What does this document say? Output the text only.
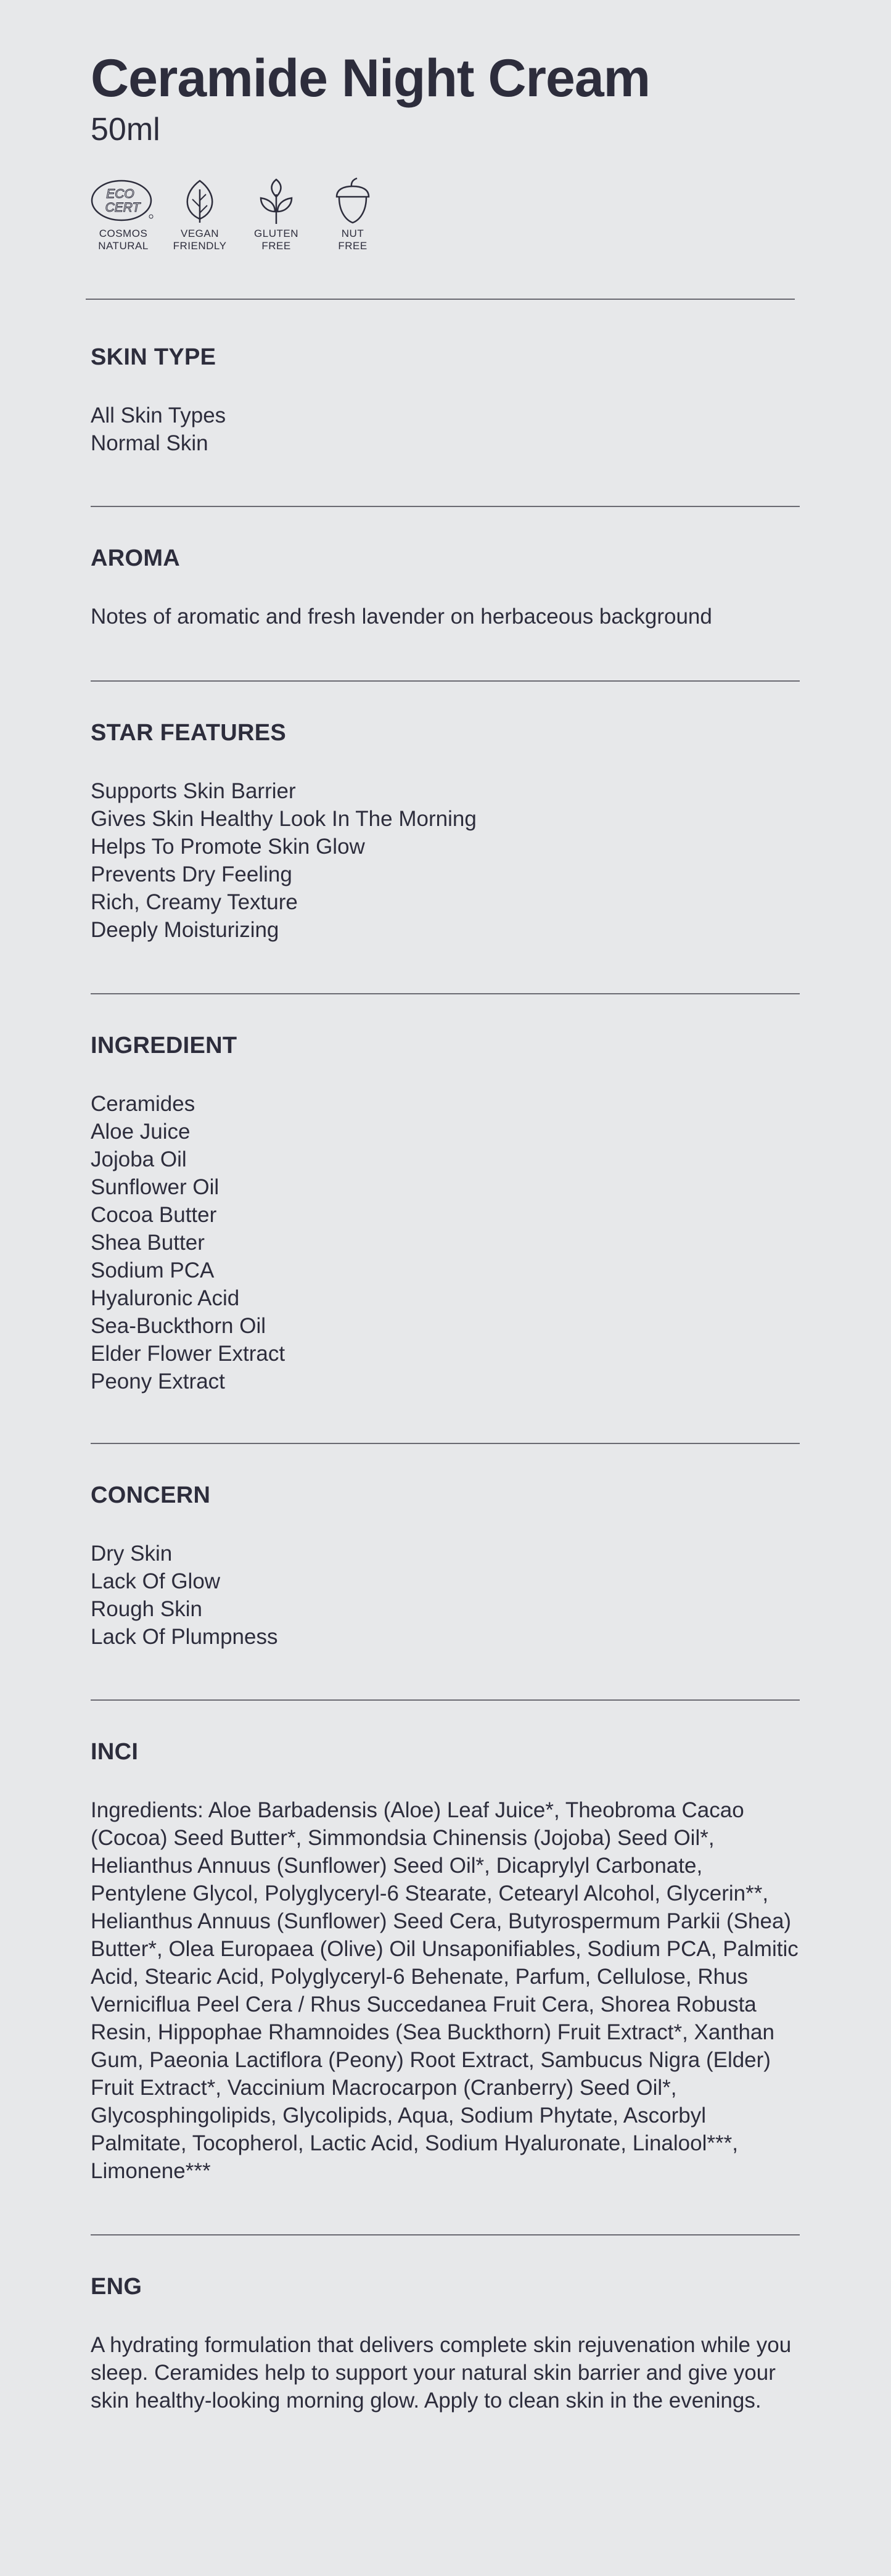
Ceramide Night Cream
50ml
ECO
CERT
COSMOS
NATURAL
VEGAN
FRIENDLY
GLUTEN
FREE
NUT
FREE
SKIN TYPE
All Skin Types
Normal Skin
AROMA
Notes of aromatic and fresh lavender on herbaceous background
STAR FEATURES
Supports Skin Barrier
Gives Skin Healthy Look In The Morning
Helps To Promote Skin Glow
Prevents Dry Feeling
Rich, Creamy Texture
Deeply Moisturizing
INGREDIENT
Ceramides
Aloe Juice
Jojoba Oil
Sunflower Oil
Cocoa Butter
Shea Butter
Sodium PCA
Hyaluronic Acid
Sea-Buckthorn Oil
Elder Flower Extract
Peony Extract
CONCERN
Dry Skin
Lack Of Glow
Rough Skin
Lack Of Plumpness
INCI

Ingredients: Aloe Barbadensis (Aloe) Leaf Juice*, Theobroma Cacao (Cocoa) Seed Butter*, Simmondsia Chinensis (Jojoba) Seed Oil*, Helianthus Annuus (Sunflower) Seed Oil*, Dicaprylyl Carbonate, Pentylene Glycol, Polyglyceryl-6 Stearate, Cetearyl Alcohol, Glycerin**, Helianthus Annuus (Sunflower) Seed Cera, Butyrospermum Parkii (Shea) Butter*, Olea Europaea (Olive) Oil Unsaponifiables, Sodium PCA, Palmitic Acid, Stearic Acid, Polyglyceryl-6 Behenate, Parfum, Cellulose, Rhus Verniciflua Peel Cera / Rhus Succedanea Fruit Cera, Shorea Robusta Resin, Hippophae Rhamnoides (Sea Buckthorn) Fruit Extract*, Xanthan Gum, Paeonia Lactiflora (Peony) Root Extract, Sambucus Nigra (Elder) Fruit Extract*, Vaccinium Macrocarpon (Cranberry) Seed Oil*, Glycosphingolipids, Glycolipids, Aqua, Sodium Phytate, Ascorbyl Palmitate, Tocopherol, Lactic Acid, Sodium Hyaluronate, Linalool***, Limonene***

ENG

A hydrating formulation that delivers complete skin rejuvenation while you sleep. Ceramides help to support your natural skin barrier and give your skin healthy-looking morning glow. Apply to clean skin in the evenings.
